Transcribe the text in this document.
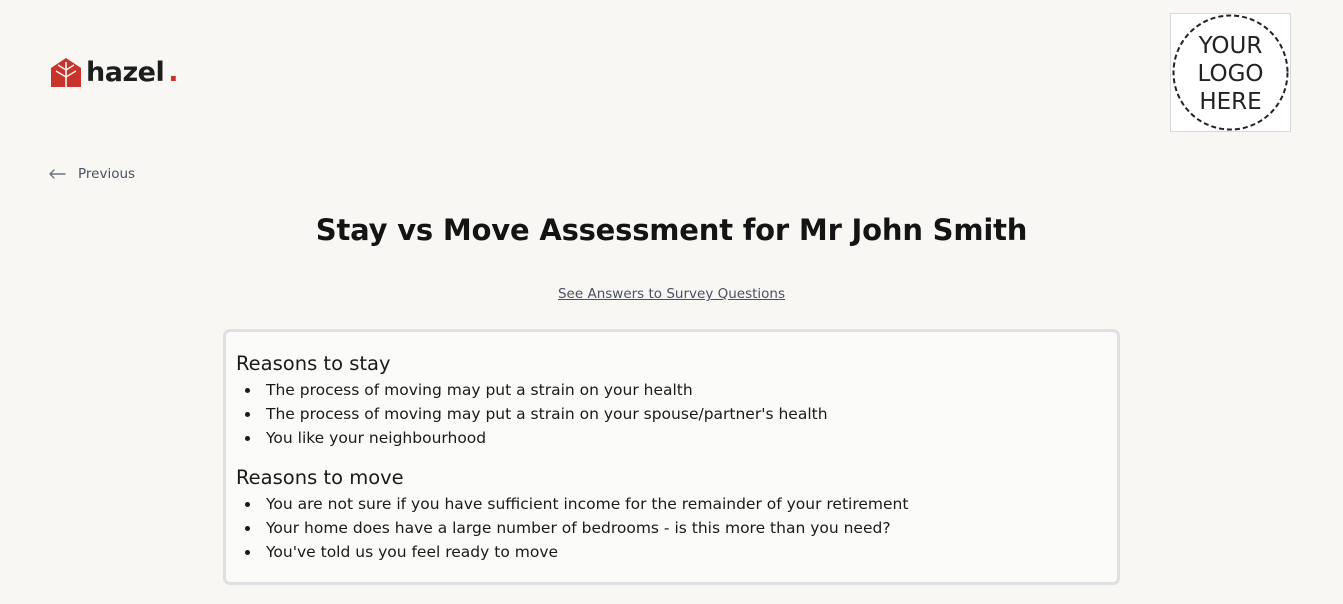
hazel .
YOUR
LOGO
HERE
Previous
Stay vs Move Assessment for Mr John Smith
See Answers to Survey Questions
Reasons to stay
The process of moving may put a strain on your health
The process of moving may put a strain on your spouse/partner's health
You like your neighbourhood
Reasons to move
You are not sure if you have sufficient income for the remainder of your retirement
Your home does have a large number of bedrooms - is this more than you need?
You've told us you feel ready to move
